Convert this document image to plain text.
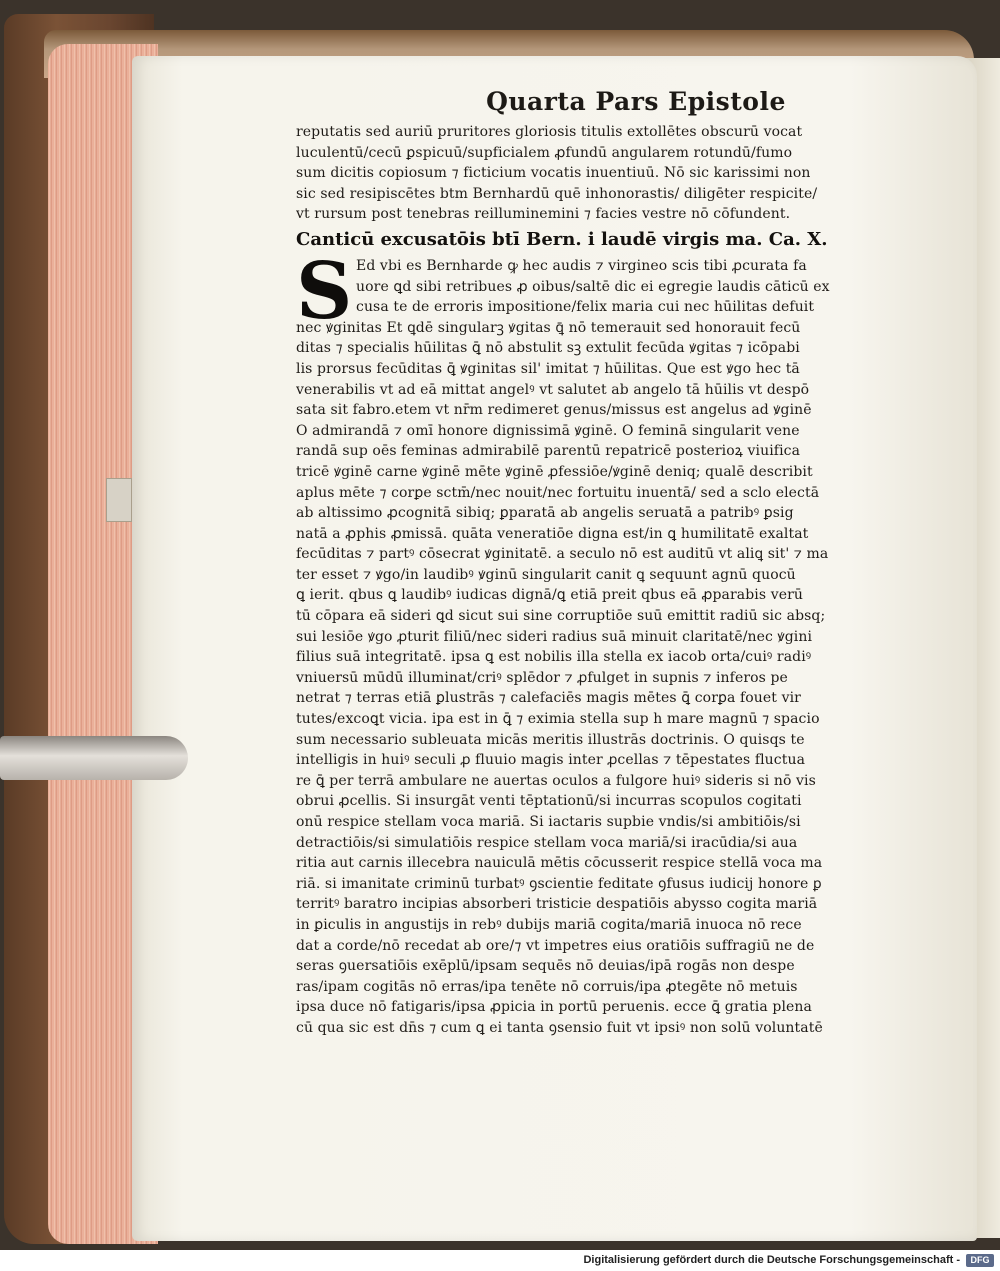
Quarta Pars Epistole
reputatis sed auriū pruritores gloriosis titulis extollētes obscurū vocat
luculentū/cecū ꝑspicuū/supficialem ꝓfundū angularem rotundū/fumo
sum dicitis copiosum ⁊ ficticium vocatis inuentiuū. Nō sic karissimi non
sic sed resipiscētes btm Bernhardū quē inhonorastis/ diligēter respicite/
vt rursum post tenebras reilluminemini ⁊ facies vestre nō cōfundent.
Canticū excusatōis btī Bern. i laudē virgis ma. Ca. X.
S Ed vbi es Bernharde ꝙ hec audis ⁊ virgineo scis tibi ꝓcurata fa
uore ꝗd sibi retribues ꝓ oibus/saltē dic ei egregie laudis cāticū ex
cusa te de erroris impositione/felix maria cui nec hūilitas defuit
nec ꝟginitas Et ꝗdē singularꝫ ꝟgitas ꝗ̄ nō temerauit sed honorauit fecū
ditas ⁊ specialis hūilitas ꝗ̄ nō abstulit sꝫ extulit fecūda ꝟgitas ⁊ icōpabi
lis prorsus fecūditas ꝗ̄ ꝟginitas sil' imitat ⁊ hūilitas. Que est ꝟgo hec tā
venerabilis vt ad eā mittat angelꝰ vt salutet ab angelo tā hūilis vt despō
sata sit fabro.etem vt nr̄m redimeret genus/missus est angelus ad ꝟginē
O admirandā ⁊ omī honore dignissimā ꝟginē. O feminā singularit vene
randā sup oēs feminas admirabilē parentū repatricē posterioꝝ viuifica
tricē ꝟginē carne ꝟginē mēte ꝟginē ꝓfessiōe/ꝟginē deniq; qualē describit
aplus mēte ⁊ corꝑe sctm̄/nec nouit/nec fortuitu inuentā/ sed a sclo electā
ab altissimo ꝓcognitā sibiq; ꝑparatā ab angelis seruatā a patribꝰ ꝑsig
natā a ꝓphis ꝓmissā. quāta veneratiōe digna est/in ꝗ humilitatē exaltat
fecūditas ⁊ partꝰ cōsecrat ꝟginitatē. a seculo nō est auditū vt aliꝗ sit' ⁊ ma
ter esset ⁊ ꝟgo/in laudibꝰ ꝟginū singularit canit ꝗ sequunt agnū quocū
ꝗ ierit. qbus ꝗ laudibꝰ iudicas dignā/ꝗ etiā preit qbus eā ꝓparabis verū
tū cōpara eā sideri ꝗd sicut sui sine corruptiōe suū emittit radiū sic absq;
sui lesiōe ꝟgo ꝓturit filiū/nec sideri radius suā minuit claritatē/nec ꝟgini
filius suā integritatē. ipsa ꝗ est nobilis illa stella ex iacob orta/cuiꝰ radiꝰ
vniuersū mūdū illuminat/criꝰ splēdor ⁊ ꝓfulget in supnis ⁊ inferos pe
netrat ⁊ terras etiā ꝑlustrās ⁊ calefaciēs magis mētes ꝗ̄ corꝑa fouet vir
tutes/excoꝗt vicia. ipa est in ꝗ̄ ⁊ eximia stella sup h mare magnū ⁊ spacio
sum necessario subleuata micās meritis illustrās doctrinis. O quisqs te
intelligis in huiꝰ seculi ꝓ fluuio magis inter ꝓcellas ⁊ tēpestates fluctua
re ꝗ̄ per terrā ambulare ne auertas oculos a fulgore huiꝰ sideris si nō vis
obrui ꝓcellis. Si insurgāt venti tēptationū/si incurras scopulos cogitati
onū respice stellam voca mariā. Si iactaris supbie vndis/si ambitiōis/si
detractiōis/si simulatiōis respice stellam voca mariā/si iracūdia/si aua
ritia aut carnis illecebra nauiculā mētis cōcusserit respice stellā voca ma
riā. si imanitate criminū turbatꝰ ꝯscientie feditate ꝯfusus iudicij honore ꝑ
territꝰ baratro incipias absorberi tristicie despatiōis abysso cogita mariā
in ꝑiculis in angustijs in rebꝰ dubijs mariā cogita/mariā inuoca nō rece
dat a corde/nō recedat ab ore/⁊ vt impetres eius oratiōis suffragiū ne de
seras ꝯuersatiōis exēplū/ipsam sequēs nō deuias/ipā rogās non despe
ras/ipam cogitās nō erras/ipa tenēte nō corruis/ipa ꝓtegēte nō metuis
ipsa duce nō fatigaris/ipsa ꝓpicia in portū peruenis. ecce ꝗ̄ gratia plena
cū qua sic est dn̄s ⁊ cum ꝗ ei tanta ꝯsensio fuit vt ipsiꝰ non solū voluntatē
Digitalisierung gefördert durch die Deutsche Forschungsgemeinschaft -	DFG
